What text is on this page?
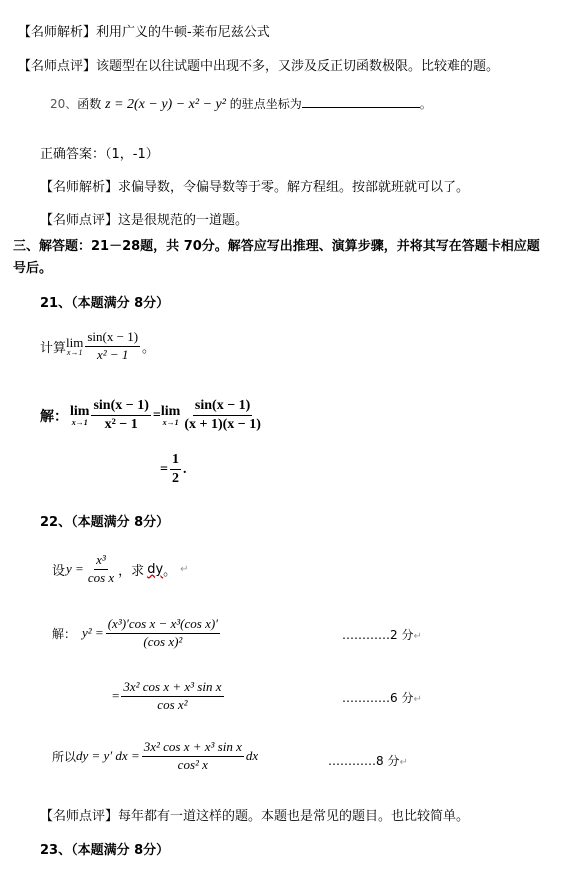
【名师解析】利用广义的牛顿-莱布尼兹公式
【名师点评】该题型在以往试题中出现不多，又涉及反正切函数极限。比较难的题。
20、函数 z = 2(x − y) − x² − y² 的驻点坐标为	。
正确答案：（1，-1）
【名师解析】求偏导数，令偏导数等于零。解方程组。按部就班就可以了。
【名师点评】这是很规范的一道题。
三、解答题：21－28题，共 70分。解答应写出推理、演算步骤，并将其写在答题卡相应题
号后。
21、（本题满分 8分）
计算 lim
$x\to 1 \frac{\sin(x - 1)}{\text{x² − 1}}$ 。
解： lim
$x\to 1 \frac{\sin(x - 1)}{\text{x² − 1}} = \lim$
$x\to 1 \frac{\sin(x - 1)}{(x + 1)(x - 1)}$
= $\frac{1}{2}$ .
22、（本题满分 8分）
设 $y = \frac{\text{x³}}{\text{cos x}}$ ，求 dy 。 ↵
解： $y^2 = \frac{\text{(x³)′cos x − x³(cos x)′}}{\text{(cos x)²}}$	…………2 分↵
= $\frac{\text{3x² cos x + x³ sin x}}{\text{cos x²}}$	…………6 分↵
所以 dy = y′ dx = $\frac{\text{3x² cos x + x³ sin x}}{\text{cos² x}}$ dx	…………8 分↵
【名师点评】每年都有一道这样的题。本题也是常见的题目。也比较简单。
23、（本题满分 8分）
